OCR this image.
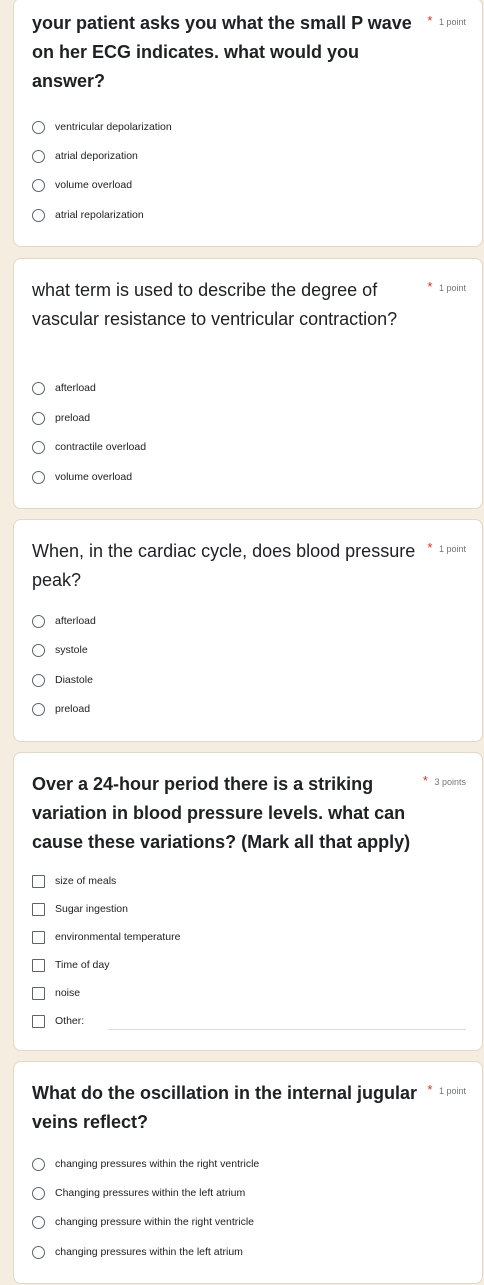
your patient asks you what the small P wave on her ECG indicates. what would you answer?
* 1 point
ventricular depolarization
atrial deporization
volume overload
atrial repolarization
what term is used to describe the degree of vascular resistance to ventricular contraction?
* 1 point
afterload
preload
contractile overload
volume overload
When, in the cardiac cycle, does blood pressure peak?
* 1 point
afterload
systole
Diastole
preload
Over a 24-hour period there is a striking variation in blood pressure levels. what can cause these variations? (Mark all that apply)
* 3 points
size of meals
Sugar ingestion
environmental temperature
Time of day
noise
Other:
What do the oscillation in the internal jugular veins reflect?
* 1 point
changing pressures within the right ventricle
Changing pressures within the left atrium
changing pressure within the right ventricle
changing pressures within the left atrium
